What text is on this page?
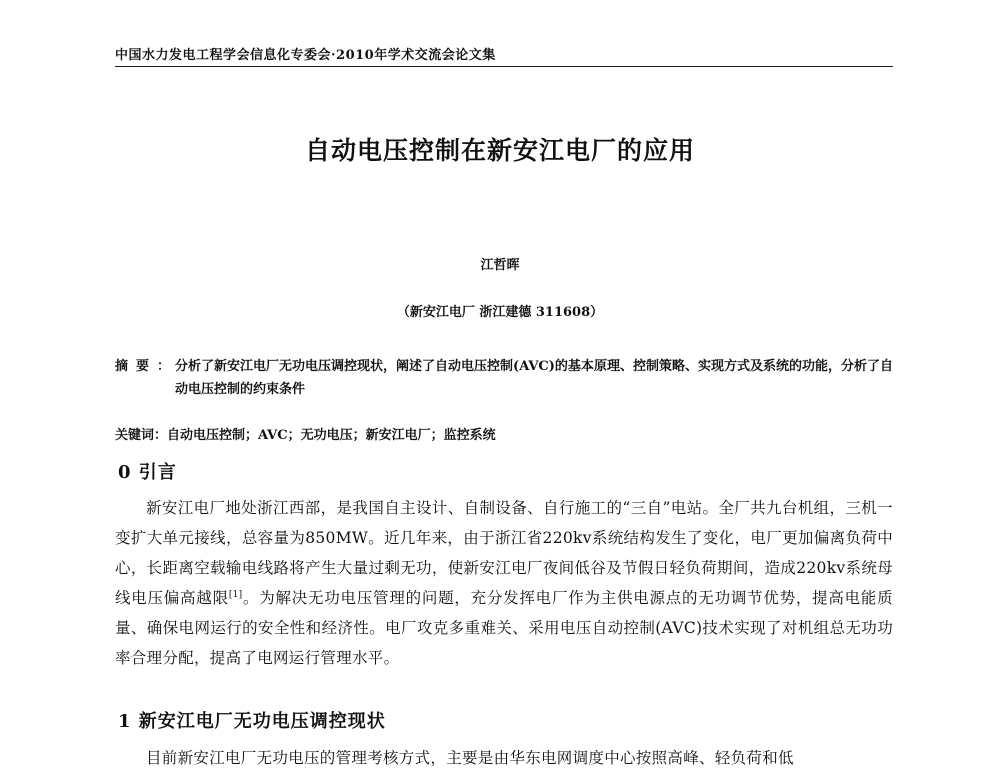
中国水力发电工程学会信息化专委会·2010年学术交流会论文集
自动电压控制在新安江电厂的应用
江哲晖
（新安江电厂 浙江建德 311608）
摘要：
分析了新安江电厂无功电压调控现状，阐述了自动电压控制(AVC)的基本原理、控制策略、实现方式及系统的功能，分析了自动电压控制的约束条件
关键词：自动电压控制；AVC；无功电压；新安江电厂；监控系统
0 引言
新安江电厂地处浙江西部，是我国自主设计、自制设备、自行施工的“三自”电站。全厂共九台机组，三机一变扩大单元接线，总容量为850MW。近几年来，由于浙江省220kv系统结构发生了变化，电厂更加偏离负荷中心，长距离空载输电线路将产生大量过剩无功，使新安江电厂夜间低谷及节假日轻负荷期间，造成220kv系统母线电压偏高越限[1]。为解决无功电压管理的问题，充分发挥电厂作为主供电源点的无功调节优势，提高电能质量、确保电网运行的安全性和经济性。电厂攻克多重难关、采用电压自动控制(AVC)技术实现了对机组总无功功率合理分配，提高了电网运行管理水平。
1 新安江电厂无功电压调控现状
目前新安江电厂无功电压的管理考核方式，主要是由华东电网调度中心按照高峰、轻负荷和低
